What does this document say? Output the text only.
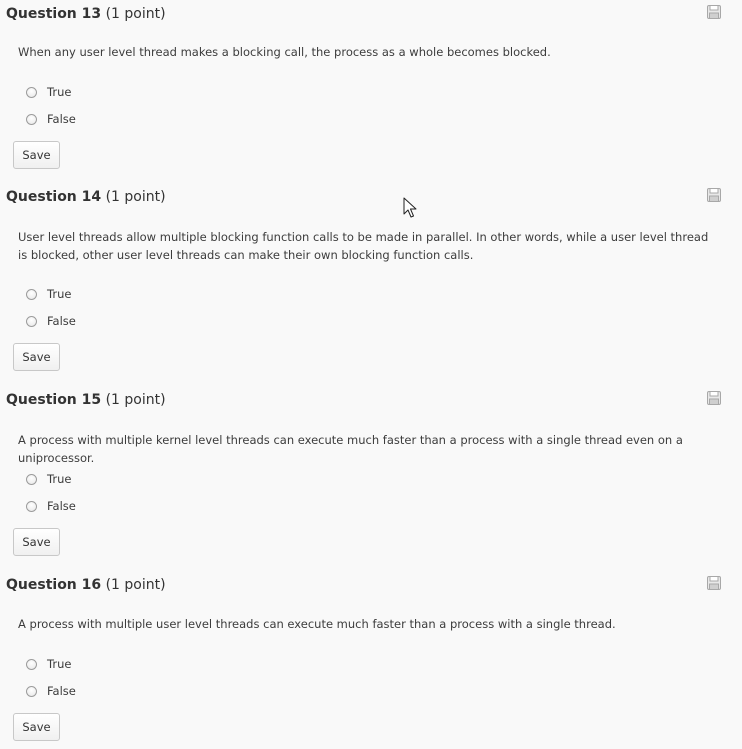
Question 13 (1 point)
When any user level thread makes a blocking call, the process as a whole becomes blocked.
True
False
Save
Question 14 (1 point)
User level threads allow multiple blocking function calls to be made in parallel. In other words, while a user level thread is blocked, other user level threads can make their own blocking function calls.
True
False
Save
Question 15 (1 point)
A process with multiple kernel level threads can execute much faster than a process with a single thread even on a uniprocessor.
True
False
Save
Question 16 (1 point)
A process with multiple user level threads can execute much faster than a process with a single thread.
True
False
Save
